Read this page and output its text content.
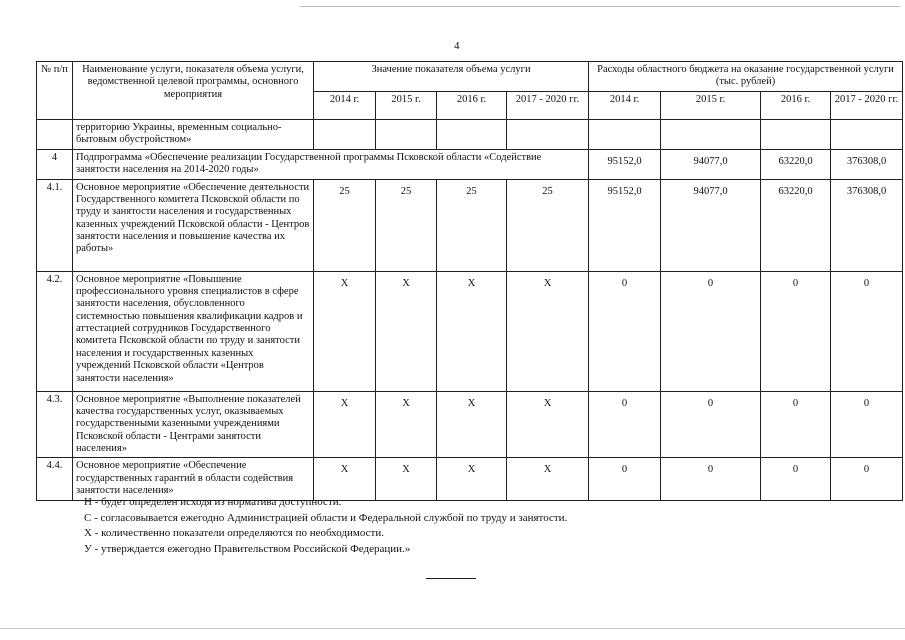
4
№ п/п	Наименование услуги, показателя объема услуги, ведомственной целевой программы, основного мероприятия	Значение показателя объема услуги				Расходы областного бюджета на оказание государственной услуги (тыс. рублей)			
		2014 г.	2015 г.	2016 г.	2017 - 2020 гг.	2014 г.	2015 г.	2016 г.	2017 - 2020 гг.
	территорию Украины, временным социально-бытовым обустройством»								
4	Подпрограмма «Обеспечение реализации Государственной программы Псковской области «Содействие занятости населения на 2014-2020 годы»					95152,0	94077,0	63220,0	376308,0
4.1.	Основное мероприятие «Обеспечение деятельности Государственного комитета Псковской области по труду и занятости населения и государственных казенных учреждений Псковской области - Центров занятости населения и повышение качества их работы»	25	25	25	25	95152,0	94077,0	63220,0	376308,0
4.2.	Основное мероприятие «Повышение профессионального уровня специалистов в сфере занятости населения, обусловленного системностью повышения квалификации кадров и аттестацией сотрудников Государственного комитета Псковской области по труду и занятости населения и государственных казенных учреждений Псковской области «Центров занятости населения»	Х	Х	Х	Х	0	0	0	0
4.3.	Основное мероприятие «Выполнение показателей качества государственных услуг, оказываемых государственными казенными учреждениями Псковской области - Центрами занятости населения»	Х	Х	Х	Х	0	0	0	0
4.4.	Основное мероприятие «Обеспечение государственных гарантий в области содействия занятости населения»	Х	Х	Х	Х	0	0	0	0
Н - будет определен исходя из норматива доступности.
С - согласовывается ежегодно Администрацией области и Федеральной службой по труду и занятости.
Х - количественно показатели определяются по необходимости.
У - утверждается ежегодно Правительством Российской Федерации.»
